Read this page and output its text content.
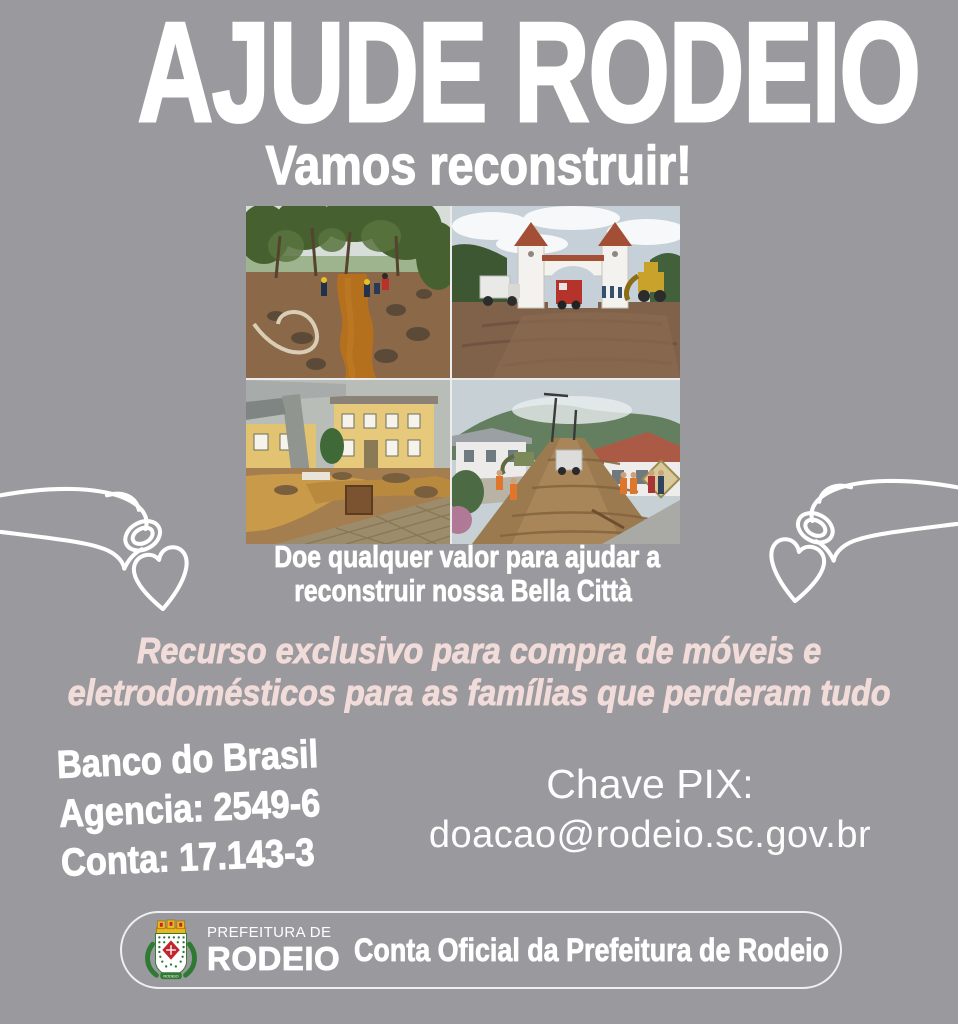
AJUDE RODEIO
Vamos reconstruir!
Doe qualquer valor para ajudar a
reconstruir nossa Bella Città
Recurso exclusivo para compra de móveis e
eletrodomésticos para as famílias que perderam tudo
Banco do Brasil
Agencia: 2549-6
Conta: 17.143-3
Chave PIX:
doacao@rodeio.sc.gov.br
RODEIO
PREFEITURA DE
RODEIO Conta Oficial da Prefeitura de Rodeio
